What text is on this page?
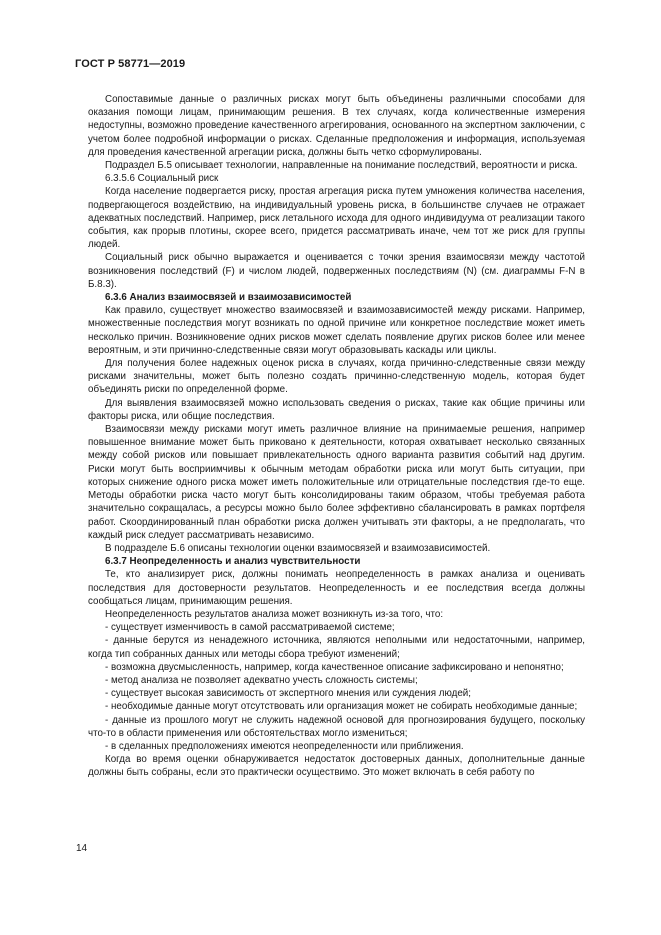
ГОСТ Р 58771—2019

Сопоставимые данные о различных рисках могут быть объединены различными способами для оказания помощи лицам, принимающим решения. В тех случаях, когда количественные измерения недоступны, возможно проведение качественного агрегирования, основанного на экспертном заключении, с учетом более подробной информации о рисках. Сделанные предположения и информация, используемая для проведения качественной агрегации риска, должны быть четко сформулированы.

Подраздел Б.5 описывает технологии, направленные на понимание последствий, вероятности и риска.

6.3.5.6 Социальный риск

Когда население подвергается риску, простая агрегация риска путем умножения количества населения, подвергающегося воздействию, на индивидуальный уровень риска, в большинстве случаев не отражает адекватных последствий. Например, риск летального исхода для одного индивидуума от реализации такого события, как прорыв плотины, скорее всего, придется рассматривать иначе, чем тот же риск для группы людей.

Социальный риск обычно выражается и оценивается с точки зрения взаимосвязи между частотой возникновения последствий (F) и числом людей, подверженных последствиям (N) (см. диаграммы F-N в Б.8.3).

6.3.6 Анализ взаимосвязей и взаимозависимостей

Как правило, существует множество взаимосвязей и взаимозависимостей между рисками. Например, множественные последствия могут возникать по одной причине или конкретное последствие может иметь несколько причин. Возникновение одних рисков может сделать появление других рисков более или менее вероятным, и эти причинно-следственные связи могут образовывать каскады или циклы.

Для получения более надежных оценок риска в случаях, когда причинно-следственные связи между рисками значительны, может быть полезно создать причинно-следственную модель, которая будет объединять риски по определенной форме.

Для выявления взаимосвязей можно использовать сведения о рисках, такие как общие причины или факторы риска, или общие последствия.

Взаимосвязи между рисками могут иметь различное влияние на принимаемые решения, например повышенное внимание может быть приковано к деятельности, которая охватывает несколько связанных между собой рисков или повышает привлекательность одного варианта развития событий над другим. Риски могут быть восприимчивы к обычным методам обработки риска или могут быть ситуации, при которых снижение одного риска может иметь положительные или отрицательные последствия где-то еще. Методы обработки риска часто могут быть консолидированы таким образом, чтобы требуемая работа значительно сокращалась, а ресурсы можно было более эффективно сбалансировать в рамках портфеля работ. Скоординированный план обработки риска должен учитывать эти факторы, а не предполагать, что каждый риск следует рассматривать независимо.

В подразделе Б.6 описаны технологии оценки взаимосвязей и взаимозависимостей.

6.3.7 Неопределенность и анализ чувствительности

Те, кто анализирует риск, должны понимать неопределенность в рамках анализа и оценивать последствия для достоверности результатов. Неопределенность и ее последствия всегда должны сообщаться лицам, принимающим решения.

Неопределенность результатов анализа может возникнуть из-за того, что:

- существует изменчивость в самой рассматриваемой системе;

- данные берутся из ненадежного источника, являются неполными или недостаточными, например, когда тип собранных данных или методы сбора требуют изменений;

- возможна двусмысленность, например, когда качественное описание зафиксировано и непонятно;

- метод анализа не позволяет адекватно учесть сложность системы;

- существует высокая зависимость от экспертного мнения или суждения людей;

- необходимые данные могут отсутствовать или организация может не собирать необходимые данные;

- данные из прошлого могут не служить надежной основой для прогнозирования будущего, поскольку что-то в области применения или обстоятельствах могло измениться;

- в сделанных предположениях имеются неопределенности или приближения.

Когда во время оценки обнаруживается недостаток достоверных данных, дополнительные данные должны быть собраны, если это практически осуществимо. Это может включать в себя работу по

14
